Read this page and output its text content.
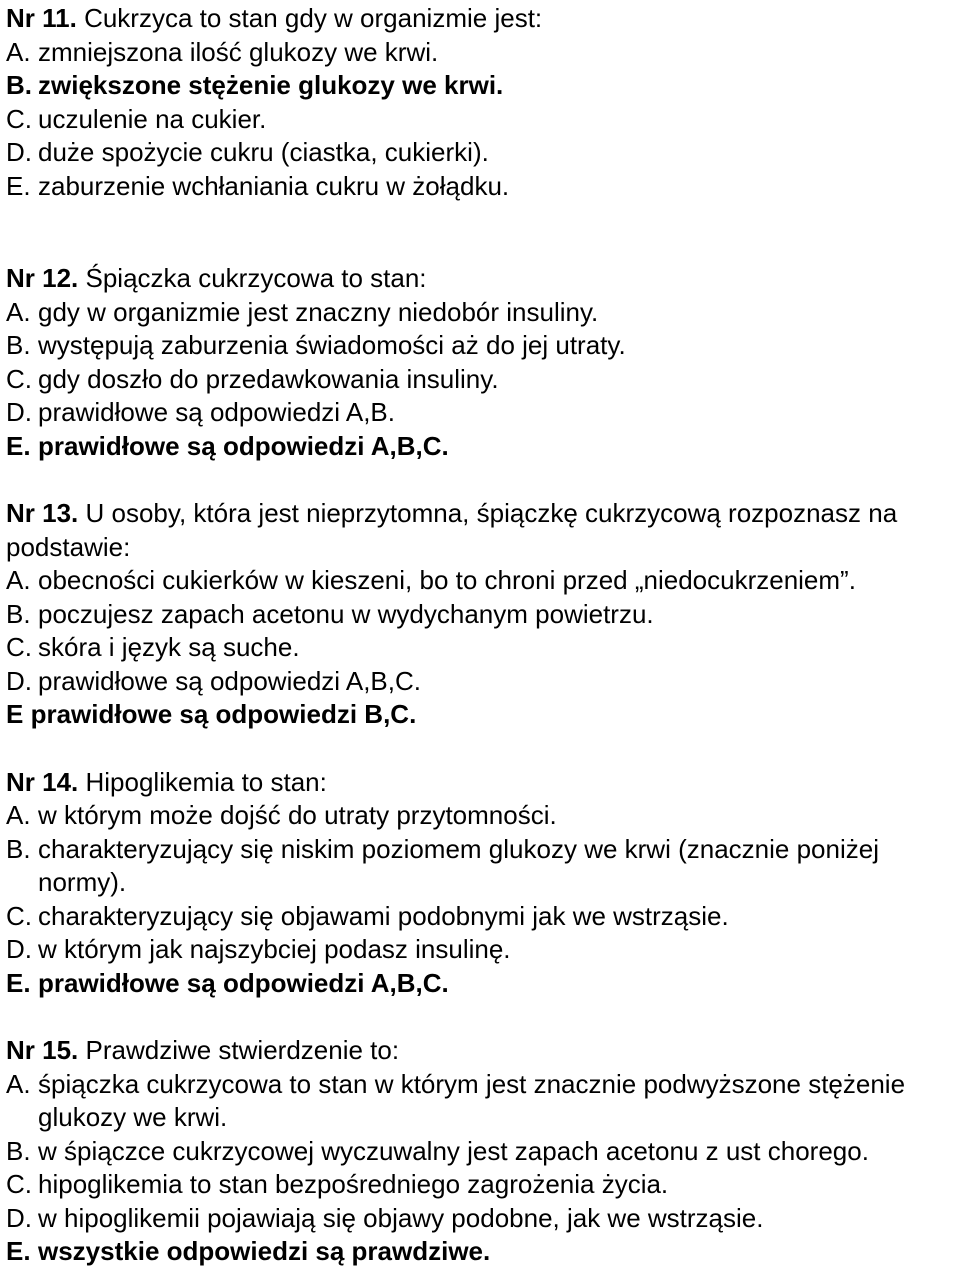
Nr 11. Cukrzyca to stan gdy w organizmie jest:

A. zmniejszona ilość glukozy we krwi.
B. zwiększone stężenie glukozy we krwi.
C. uczulenie na cukier.
D. duże spożycie cukru (ciastka, cukierki).
E. zaburzenie wchłaniania cukru w żołądku.

Nr 12. Śpiączka cukrzycowa to stan:

A. gdy w organizmie jest znaczny niedobór insuliny.
B. występują zaburzenia świadomości aż do jej utraty.
C. gdy doszło do przedawkowania insuliny.
D. prawidłowe są odpowiedzi A,B.
E. prawidłowe są odpowiedzi A,B,C.

Nr 13. U osoby, która jest nieprzytomna, śpiączkę cukrzycową rozpoznasz na podstawie:

A. obecności cukierków w kieszeni, bo to chroni przed „niedocukrzeniem”.
B. poczujesz zapach acetonu w wydychanym powietrzu.
C. skóra i język są suche.
D. prawidłowe są odpowiedzi A,B,C.
E prawidłowe są odpowiedzi B,C.

Nr 14. Hipoglikemia to stan:

A. w którym może dojść do utraty przytomności.
B. charakteryzujący się niskim poziomem glukozy we krwi (znacznie poniżej normy).
C. charakteryzujący się objawami podobnymi jak we wstrząsie.
D. w którym jak najszybciej podasz insulinę.
E. prawidłowe są odpowiedzi A,B,C.

Nr 15. Prawdziwe stwierdzenie to:

A. śpiączka cukrzycowa to stan w którym jest znacznie podwyższone stężenie glukozy we krwi.
B. w śpiączce cukrzycowej wyczuwalny jest zapach acetonu z ust chorego.
C. hipoglikemia to stan bezpośredniego zagrożenia życia.
D. w hipoglikemii pojawiają się objawy podobne, jak we wstrząsie.
E. wszystkie odpowiedzi są prawdziwe.
